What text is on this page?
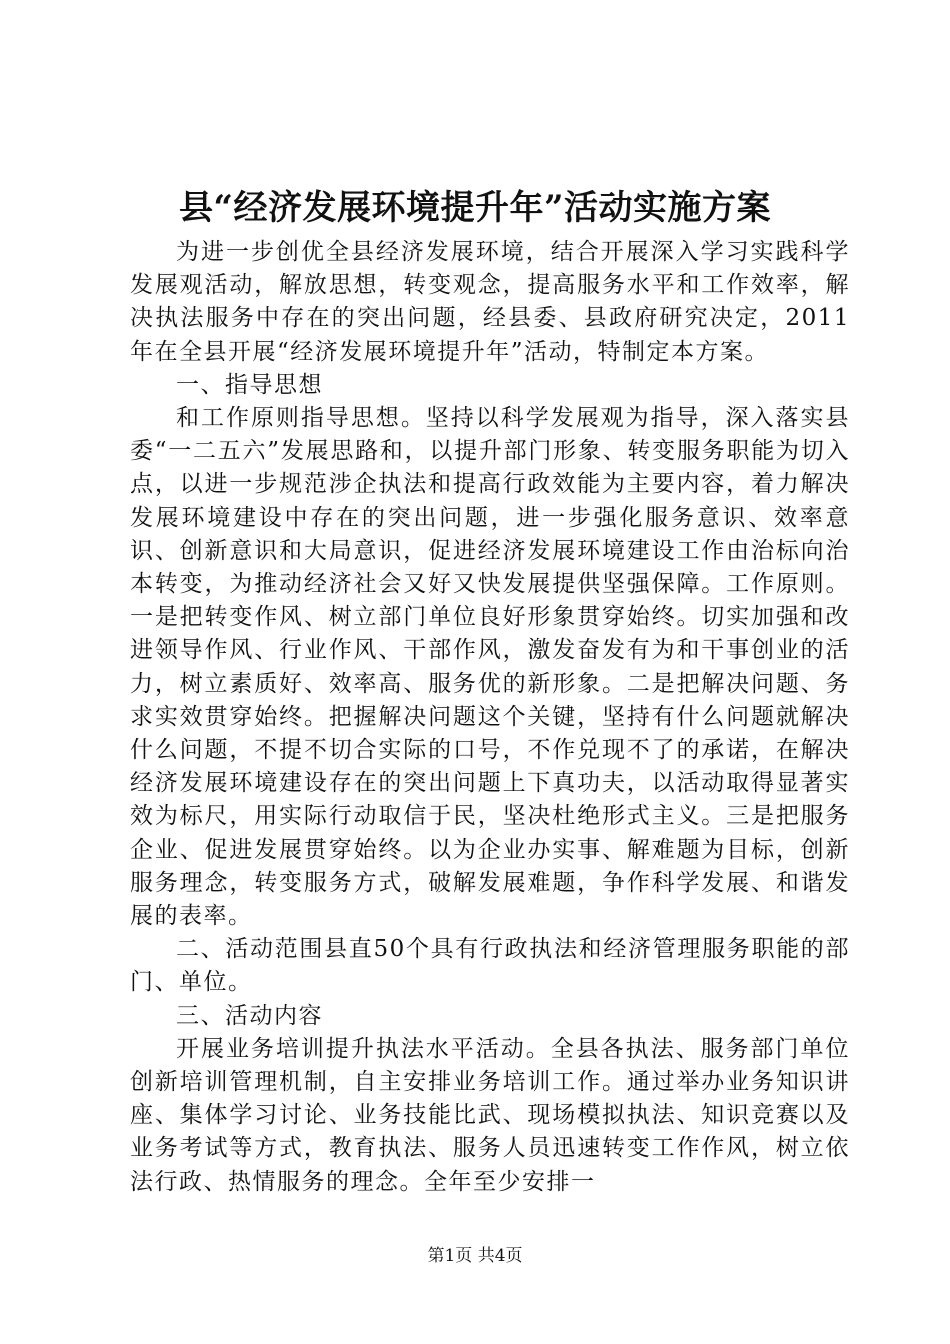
县“经济发展环境提升年”活动实施方案

为进一步创优全县经济发展环境，结合开展深入学习实践科学发展观活动，解放思想，转变观念，提高服务水平和工作效率，解决执法服务中存在的突出问题，经县委、县政府研究决定，2011年在全县开展“经济发展环境提升年”活动，特制定本方案。

一、指导思想

和工作原则指导思想。坚持以科学发展观为指导，深入落实县委“一二五六”发展思路和，以提升部门形象、转变服务职能为切入点，以进一步规范涉企执法和提高行政效能为主要内容，着力解决发展环境建设中存在的突出问题，进一步强化服务意识、效率意识、创新意识和大局意识，促进经济发展环境建设工作由治标向治本转变，为推动经济社会又好又快发展提供坚强保障。工作原则。一是把转变作风、树立部门单位良好形象贯穿始终。切实加强和改进领导作风、行业作风、干部作风，激发奋发有为和干事创业的活力，树立素质好、效率高、服务优的新形象。二是把解决问题、务求实效贯穿始终。把握解决问题这个关键，坚持有什么问题就解决什么问题，不提不切合实际的口号，不作兑现不了的承诺，在解决经济发展环境建设存在的突出问题上下真功夫，以活动取得显著实效为标尺，用实际行动取信于民，坚决杜绝形式主义。三是把服务企业、促进发展贯穿始终。以为企业办实事、解难题为目标，创新服务理念，转变服务方式，破解发展难题，争作科学发展、和谐发展的表率。

二、活动范围县直50个具有行政执法和经济管理服务职能的部门、单位。

三、活动内容

开展业务培训提升执法水平活动。全县各执法、服务部门单位创新培训管理机制，自主安排业务培训工作。通过举办业务知识讲座、集体学习讨论、业务技能比武、现场模拟执法、知识竞赛以及业务考试等方式，教育执法、服务人员迅速转变工作作风，树立依法行政、热情服务的理念。全年至少安排一

第1页 共4页
